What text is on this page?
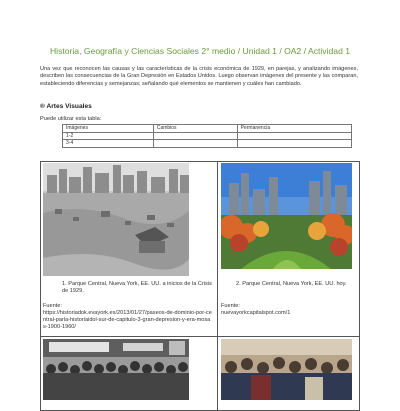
Historia, Geografía y Ciencias Sociales 2° medio / Unidad 1 / OA2 / Actividad 1
Una vez que reconocen las causas y las características de la crisis económica de 1929, en parejas, y analizando imágenes, describen las consecuencias de la Gran Depresión en Estados Unidos. Luego observan imágenes del presente y las comparan, estableciendo diferencias y semejanzas; señalando qué elementos se mantienen y cuáles han cambiado.
® Artes Visuales
Puede utilizar esta tabla:
Imágenes	Cambios	Permanencia
1-2		
3-4		
1. Parque Central, Nueva York, EE. UU. a inicios de la Crisis de 1929.
Fuente:
https://historiadok.evayork.es/2013/01/27/paseos-de-dominio-por-central-parla-historiaidol-sur-de-capitulo-3-gran-depresion-y-era-mosas-1900-1960/
2. Parque Central, Nueva York, EE. UU. hoy.
Fuente:
nuevayorkcapitalspot.com/1
